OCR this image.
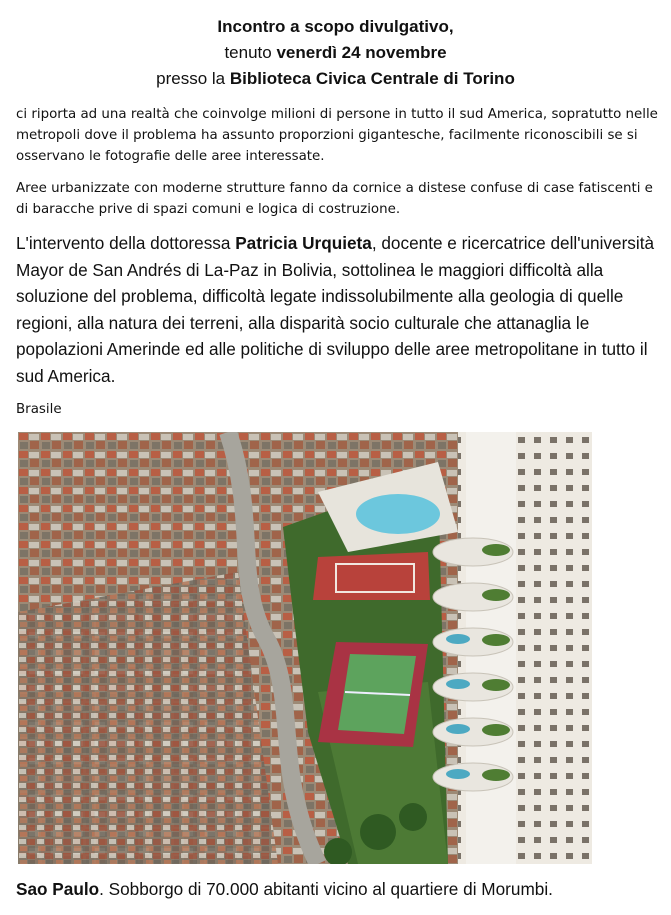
Incontro a scopo divulgativo,
tenuto venerdì 24 novembre
presso la Biblioteca Civica Centrale di Torino

ci riporta ad una realtà che coinvolge milioni di persone in tutto il sud America, sopratutto nelle metropoli dove il problema ha assunto proporzioni gigantesche, facilmente riconoscibili se si osservano le fotografie delle aree interessate.

Aree urbanizzate con moderne strutture fanno da cornice a distese confuse di case fatiscenti e di baracche prive di spazi comuni e logica di costruzione.

L'intervento della dottoressa Patricia Urquieta, docente e ricercatrice dell'università Mayor de San Andrés di La-Paz in Bolivia, sottolinea le maggiori difficoltà alla soluzione del problema, difficoltà legate indissolubilmente alla geologia di quelle regioni, alla natura dei terreni, alla disparità socio culturale che attanaglia le popolazioni Amerinde ed alle politiche di sviluppo delle aree metropolitane in tutto il sud America.

Brasile

Sao Paulo. Sobborgo di 70.000 abitanti vicino al quartiere di Morumbi.
